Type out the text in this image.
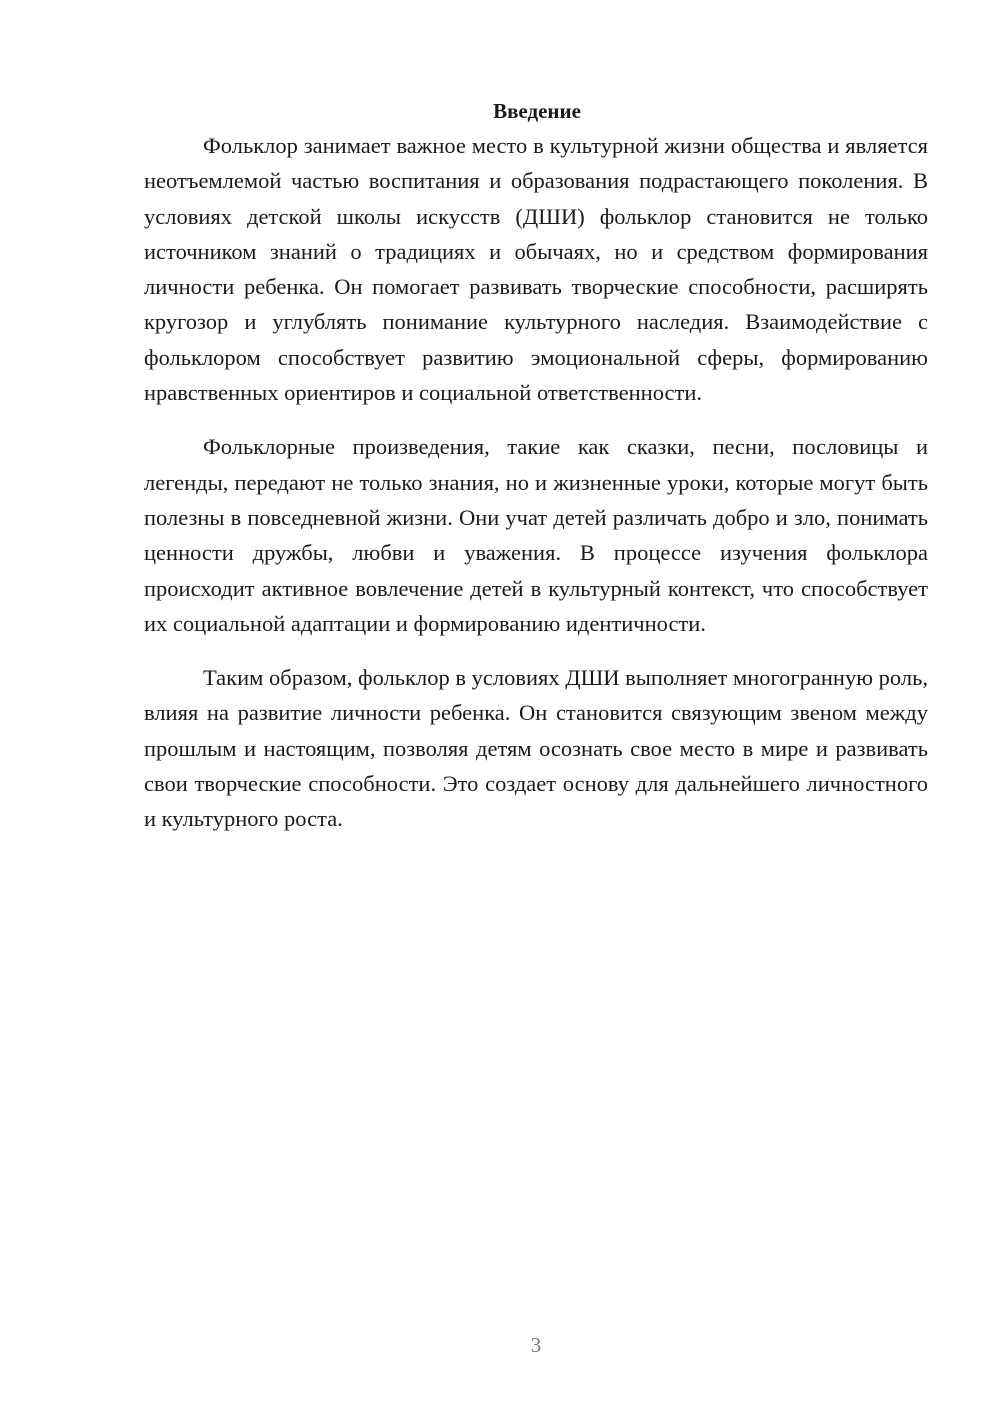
Введение

Фольклор занимает важное место в культурной жизни общества и является неотъемлемой частью воспитания и образования подрастающего поколения. В условиях детской школы искусств (ДШИ) фольклор становится не только источником знаний о традициях и обычаях, но и средством формирования личности ребенка. Он помогает развивать творческие способности, расширять кругозор и углублять понимание культурного наследия. Взаимодействие с фольклором способствует развитию эмоциональной сферы, формированию нравственных ориентиров и социальной ответственности.

Фольклорные произведения, такие как сказки, песни, пословицы и легенды, передают не только знания, но и жизненные уроки, которые могут быть полезны в повседневной жизни. Они учат детей различать добро и зло, понимать ценности дружбы, любви и уважения. В процессе изучения фольклора происходит активное вовлечение детей в культурный контекст, что способствует их социальной адаптации и формированию идентичности.

Таким образом, фольклор в условиях ДШИ выполняет многогранную роль, влияя на развитие личности ребенка. Он становится связующим звеном между прошлым и настоящим, позволяя детям осознать свое место в мире и развивать свои творческие способности. Это создает основу для дальнейшего личностного и культурного роста.

3
